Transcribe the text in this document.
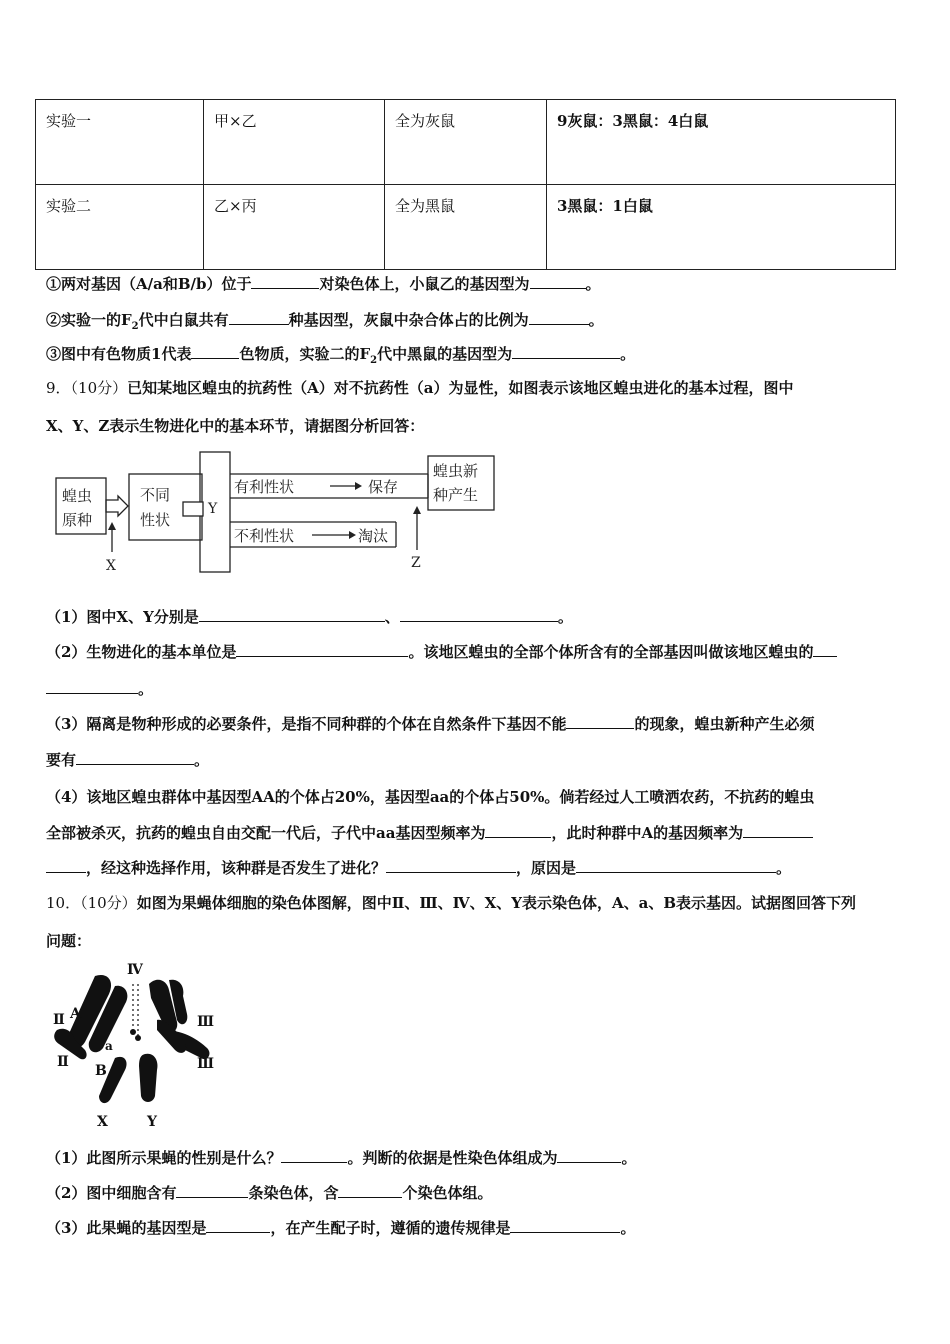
实验一	甲×乙	全为灰鼠	9灰鼠：3黑鼠：4白鼠
实验二	乙×丙	全为黑鼠	3黑鼠：1白鼠
①两对基因（A/a和B/b）位于	对染色体上，小鼠乙的基因型为	。
②实验一的$F_2$代中白鼠共有	种基因型，灰鼠中杂合体占的比例为	。
③图中有色物质1代表	色物质，实验二的$F_2$代中黑鼠的基因型为	。
9．（10分）已知某地区蝗虫的抗药性（A）对不抗药性（a）为显性，如图表示该地区蝗虫进化的基本过程，图中
X、Y、Z表示生物进化中的基本环节，请据图分析回答：
蝗虫
原种
不同
性状
Y
有利性状	保存
不利性状	淘汰
蝗虫新
种产生
X	Z
（1）图中X、Y分别是	、	。
（2）生物进化的基本单位是	。该地区蝗虫的全部个体所含有的全部基因叫做该地区蝗虫的
。
（3）隔离是物种形成的必要条件，是指不同种群的个体在自然条件下基因不能	的现象，蝗虫新种产生必须
要有	。
（4）该地区蝗虫群体中基因型AA的个体占20%，基因型aa的个体占50%。倘若经过人工喷洒农药，不抗药的蝗虫
全部被杀灭，抗药的蝗虫自由交配一代后，子代中aa基因型频率为	，此时种群中A的基因频率为
，经这种选择作用，该种群是否发生了进化？	，原因是	。
10．（10分）如图为果蝇体细胞的染色体图解，图中Ⅱ、Ⅲ、Ⅳ、X、Y表示染色体，A、a、B表示基因。试据图回答下列
问题：
Ⅳ
Ⅱ A	Ⅲ
Ⅱ
a
Ⅲ
B
X	Y
（1）此图所示果蝇的性别是什么？	。判断的依据是性染色体组成为	。
（2）图中细胞含有	条染色体，含	个染色体组。
（3）此果蝇的基因型是	，在产生配子时，遵循的遗传规律是	。
